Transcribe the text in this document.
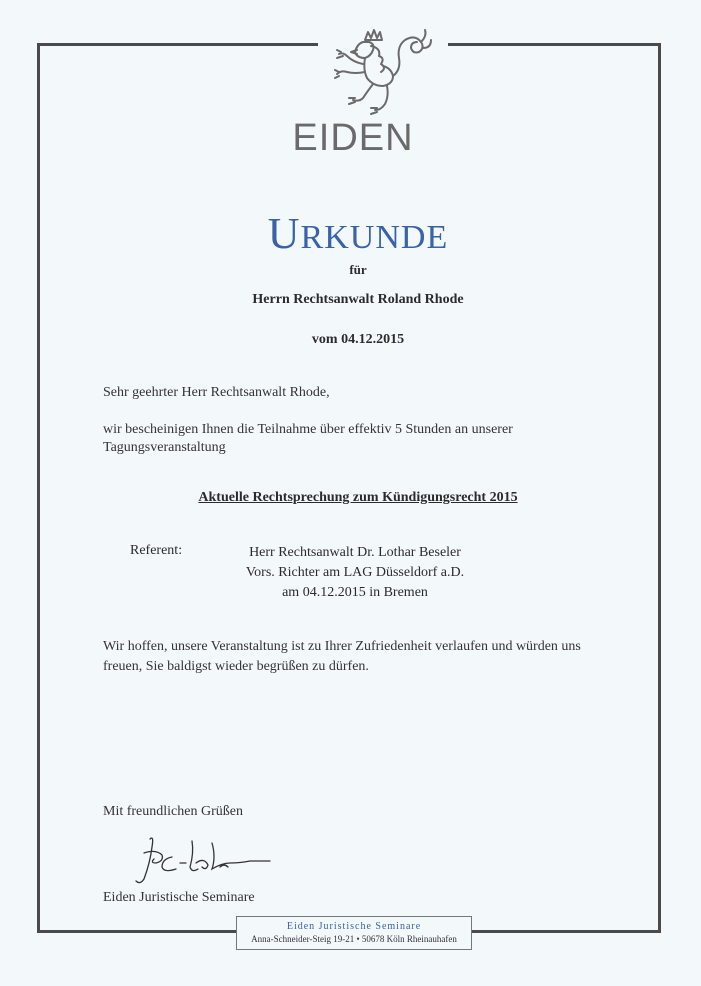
EIDEN
URKUNDE
für
Herrn Rechtsanwalt Roland Rhode
vom 04.12.2015
Sehr geehrter Herr Rechtsanwalt Rhode,
wir bescheinigen Ihnen die Teilnahme über effektiv 5 Stunden an unserer Tagungsveranstaltung
Aktuelle Rechtsprechung zum Kündigungsrecht 2015
Referent:	Herr Rechtsanwalt Dr. Lothar Beseler
Vors. Richter am LAG Düsseldorf a.D.
am 04.12.2015 in Bremen
Wir hoffen, unsere Veranstaltung ist zu Ihrer Zufriedenheit verlaufen und würden uns freuen, Sie baldigst wieder begrüßen zu dürfen.
Mit freundlichen Grüßen
Eiden Juristische Seminare
Eiden Juristische Seminare
Anna-Schneider-Steig 19-21 • 50678 Köln Rheinauhafen
